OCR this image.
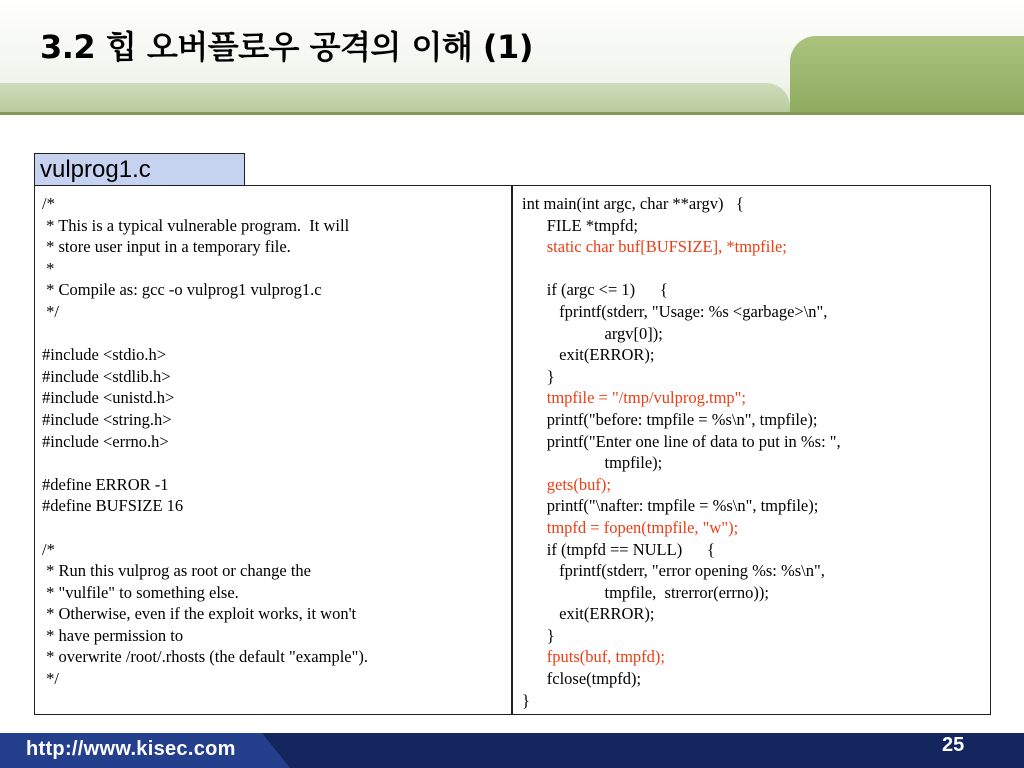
3.2 힙 오버플로우 공격의 이해 (1)
vulprog1.c
/*
* This is a typical vulnerable program.  It will
* store user input in a temporary file.
*
* Compile as: gcc -o vulprog1 vulprog1.c
*/
#include <stdio.h>
#include <stdlib.h>
#include <unistd.h>
#include <string.h>
#include <errno.h>
#define ERROR -1
#define BUFSIZE 16
/*
* Run this vulprog as root or change the
* "vulfile" to something else.
* Otherwise, even if the exploit works, it won't
* have permission to
* overwrite /root/.rhosts (the default "example").
*/
int main(int argc, char **argv)   {
FILE *tmpfd;
static char buf[BUFSIZE], *tmpfile;
if (argc <= 1)      {
fprintf(stderr, "Usage: %s <garbage>\n",
argv[0]);
exit(ERROR);
}
tmpfile = "/tmp/vulprog.tmp";
printf("before: tmpfile = %s\n", tmpfile);
printf("Enter one line of data to put in %s: ",
tmpfile);
gets(buf);
printf("\nafter: tmpfile = %s\n", tmpfile);
tmpfd = fopen(tmpfile, "w");
if (tmpfd == NULL)      {
fprintf(stderr, "error opening %s: %s\n",
tmpfile,  strerror(errno));
exit(ERROR);
}
fputs(buf, tmpfd);
fclose(tmpfd);
}
http://www.kisec.com	25
